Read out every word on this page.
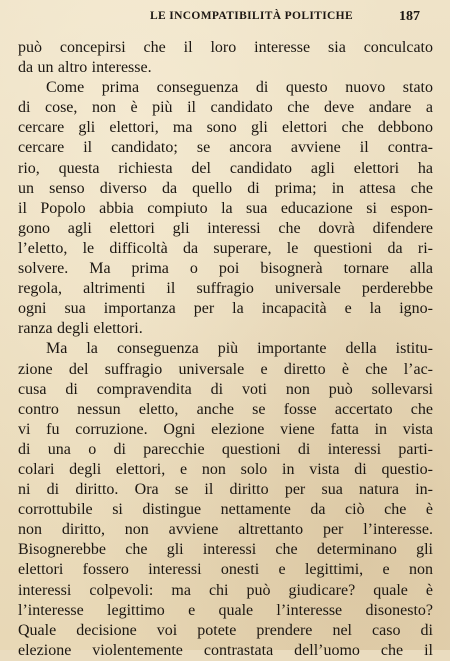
LE INCOMPATIBILITÀ POLITICHE	187

può concepirsi che il loro interesse sia conculcato
da un altro interesse.

Come prima conseguenza di questo nuovo stato
di cose, non è più il candidato che deve andare a
cercare gli elettori, ma sono gli elettori che debbono
cercare il candidato; se ancora avviene il contra-
rio, questa richiesta del candidato agli elettori ha
un senso diverso da quello di prima; in attesa che
il Popolo abbia compiuto la sua educazione si espon-
gono agli elettori gli interessi che dovrà difendere
l’eletto, le difficoltà da superare, le questioni da ri-
solvere. Ma prima o poi bisognerà tornare alla
regola, altrimenti il suffragio universale perderebbe
ogni sua importanza per la incapacità e la igno-
ranza degli elettori.

Ma la conseguenza più importante della istitu-
zione del suffragio universale e diretto è che l’ac-
cusa di compravendita di voti non può sollevarsi
contro nessun eletto, anche se fosse accertato che
vi fu corruzione. Ogni elezione viene fatta in vista
di una o di parecchie questioni di interessi parti-
colari degli elettori, e non solo in vista di questio-
ni di diritto. Ora se il diritto per sua natura in-
corrottubile si distingue nettamente da ciò che è
non diritto, non avviene altrettanto per l’interesse.
Bisognerebbe che gli interessi che determinano gli
elettori fossero interessi onesti e legittimi, e non
interessi colpevoli: ma chi può giudicare? quale è
l’interesse legittimo e quale l’interesse disonesto?
Quale decisione voi potete prendere nel caso di
elezione violentemente contrastata dell’uomo che il
